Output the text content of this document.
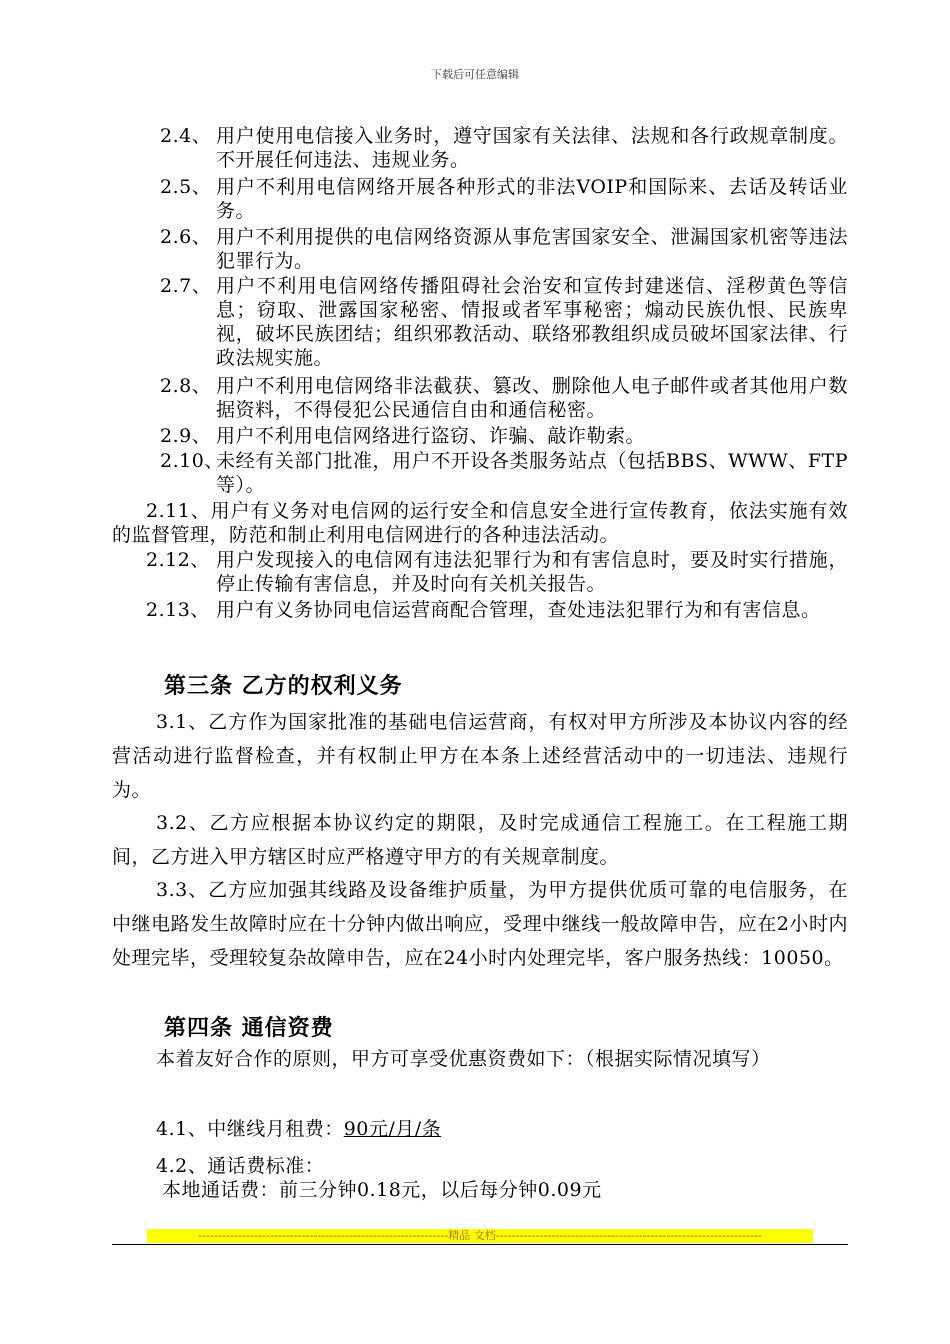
下载后可任意编辑
2.4、 用户使用电信接入业务时，遵守国家有关法律、法规和各行政规章制度。不开展任何违法、违规业务。
2.5、 用户不利用电信网络开展各种形式的非法VOIP和国际来、去话及转话业务。
2.6、 用户不利用提供的电信网络资源从事危害国家安全、泄漏国家机密等违法犯罪行为。
2.7、 用户不利用电信网络传播阻碍社会治安和宣传封建迷信、淫秽黄色等信息；窃取、泄露国家秘密、情报或者军事秘密；煽动民族仇恨、民族卑视，破坏民族团结；组织邪教活动、联络邪教组织成员破坏国家法律、行政法规实施。
2.8、 用户不利用电信网络非法截获、篡改、删除他人电子邮件或者其他用户数据资料，不得侵犯公民通信自由和通信秘密。
2.9、 用户不利用电信网络进行盗窃、诈骗、敲诈勒索。
2.10、
未经有关部门批准，用户不开设各类服务站点（包括BBS、WWW、FTP等）。
2.11、用户有义务对电信网的运行安全和信息安全进行宣传教育，依法实施有效的监督管理，防范和制止利用电信网进行的各种违法活动。
2.12、 用户发现接入的电信网有违法犯罪行为和有害信息时，要及时实行措施，停止传输有害信息，并及时向有关机关报告。
2.13、 用户有义务协同电信运营商配合管理，查处违法犯罪行为和有害信息。
第三条 乙方的权利义务
3.1、乙方作为国家批准的基础电信运营商，有权对甲方所涉及本协议内容的经营活动进行监督检查，并有权制止甲方在本条上述经营活动中的一切违法、违规行为。
3.2、乙方应根据本协议约定的期限，及时完成通信工程施工。在工程施工期间，乙方进入甲方辖区时应严格遵守甲方的有关规章制度。
3.3、乙方应加强其线路及设备维护质量，为甲方提供优质可靠的电信服务，在中继电路发生故障时应在十分钟内做出响应，受理中继线一般故障申告，应在2小时内处理完毕，受理较复杂故障申告，应在24小时内处理完毕，客户服务热线：10050。
第四条 通信资费
本着友好合作的原则，甲方可享受优惠资费如下：（根据实际情况填写）
4.1、中继线月租费：90元/月/条
4.2、通话费标准：
本地通话费：前三分钟0.18元，以后每分钟0.09元
---------------------------------------------------------------精品 文档-------------------------------------------------------------------
